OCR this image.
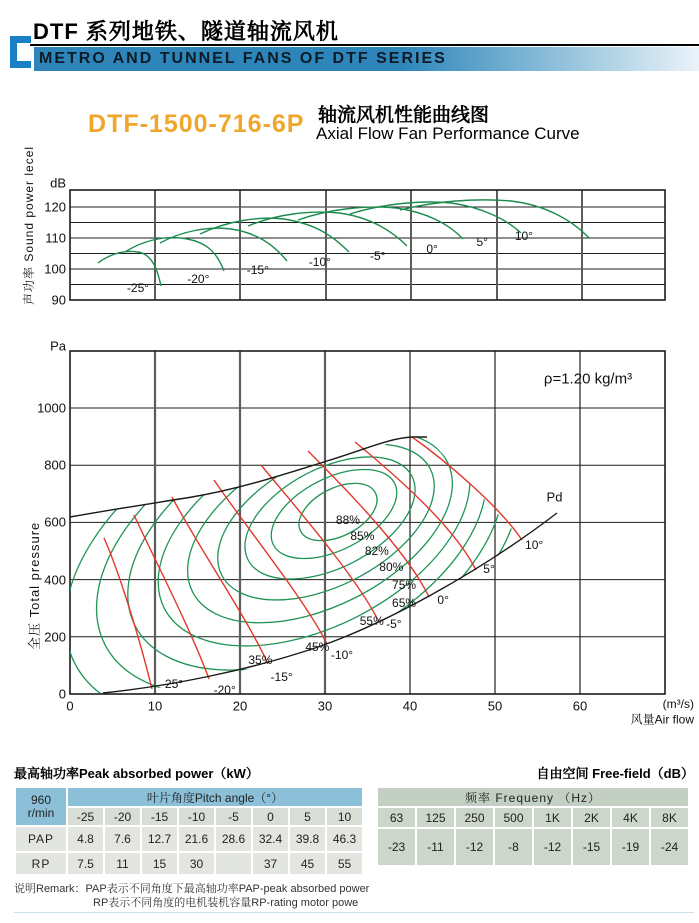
DTF 系列地铁、隧道轴流风机
METRO AND TUNNEL FANS OF DTF SERIES
DTF-1500-716-6P 轴流风机性能曲线图
Axial Flow Fan Performance Curve
声功率 Sound power lecel
全压 Total pressure
dB
120
110
100
90
-25°
-20°
-15°
-10°	-5°
0°	5° 10°
Pa
1000
800
600
400
200
0
0	10	20	30	40	50	60	(m³/s)
风量Air flow
ρ=1.20 kg/m³
Pd
-25°	-20°
-15°
-10°
-5°
0°
5°
10°
88%
85%
82%
80%
75%
65%
55%
45%
35%
最高轴功率Peak absorbed power（kW）	自由空间 Free-field（dB）
960
r/min	叶片角度Pitch angle（°）							
	-25	-20	-15	-10	-5	0	5	10
PAP	4.8	7.6	12.7	21.6	28.6	32.4	39.8	46.3
RP	7.5	11	15	30		37	45	55
频率 Frequeny （Hz）							
63	125	250	500	1K	2K	4K	8K
-23	-11	-12	-8	-12	-15	-19	-24
说明Remark：PAP表示不同角度下最高轴功率PAP-peak absorbed power
RP表示不同角度的电机装机容量RP-rating motor powe
